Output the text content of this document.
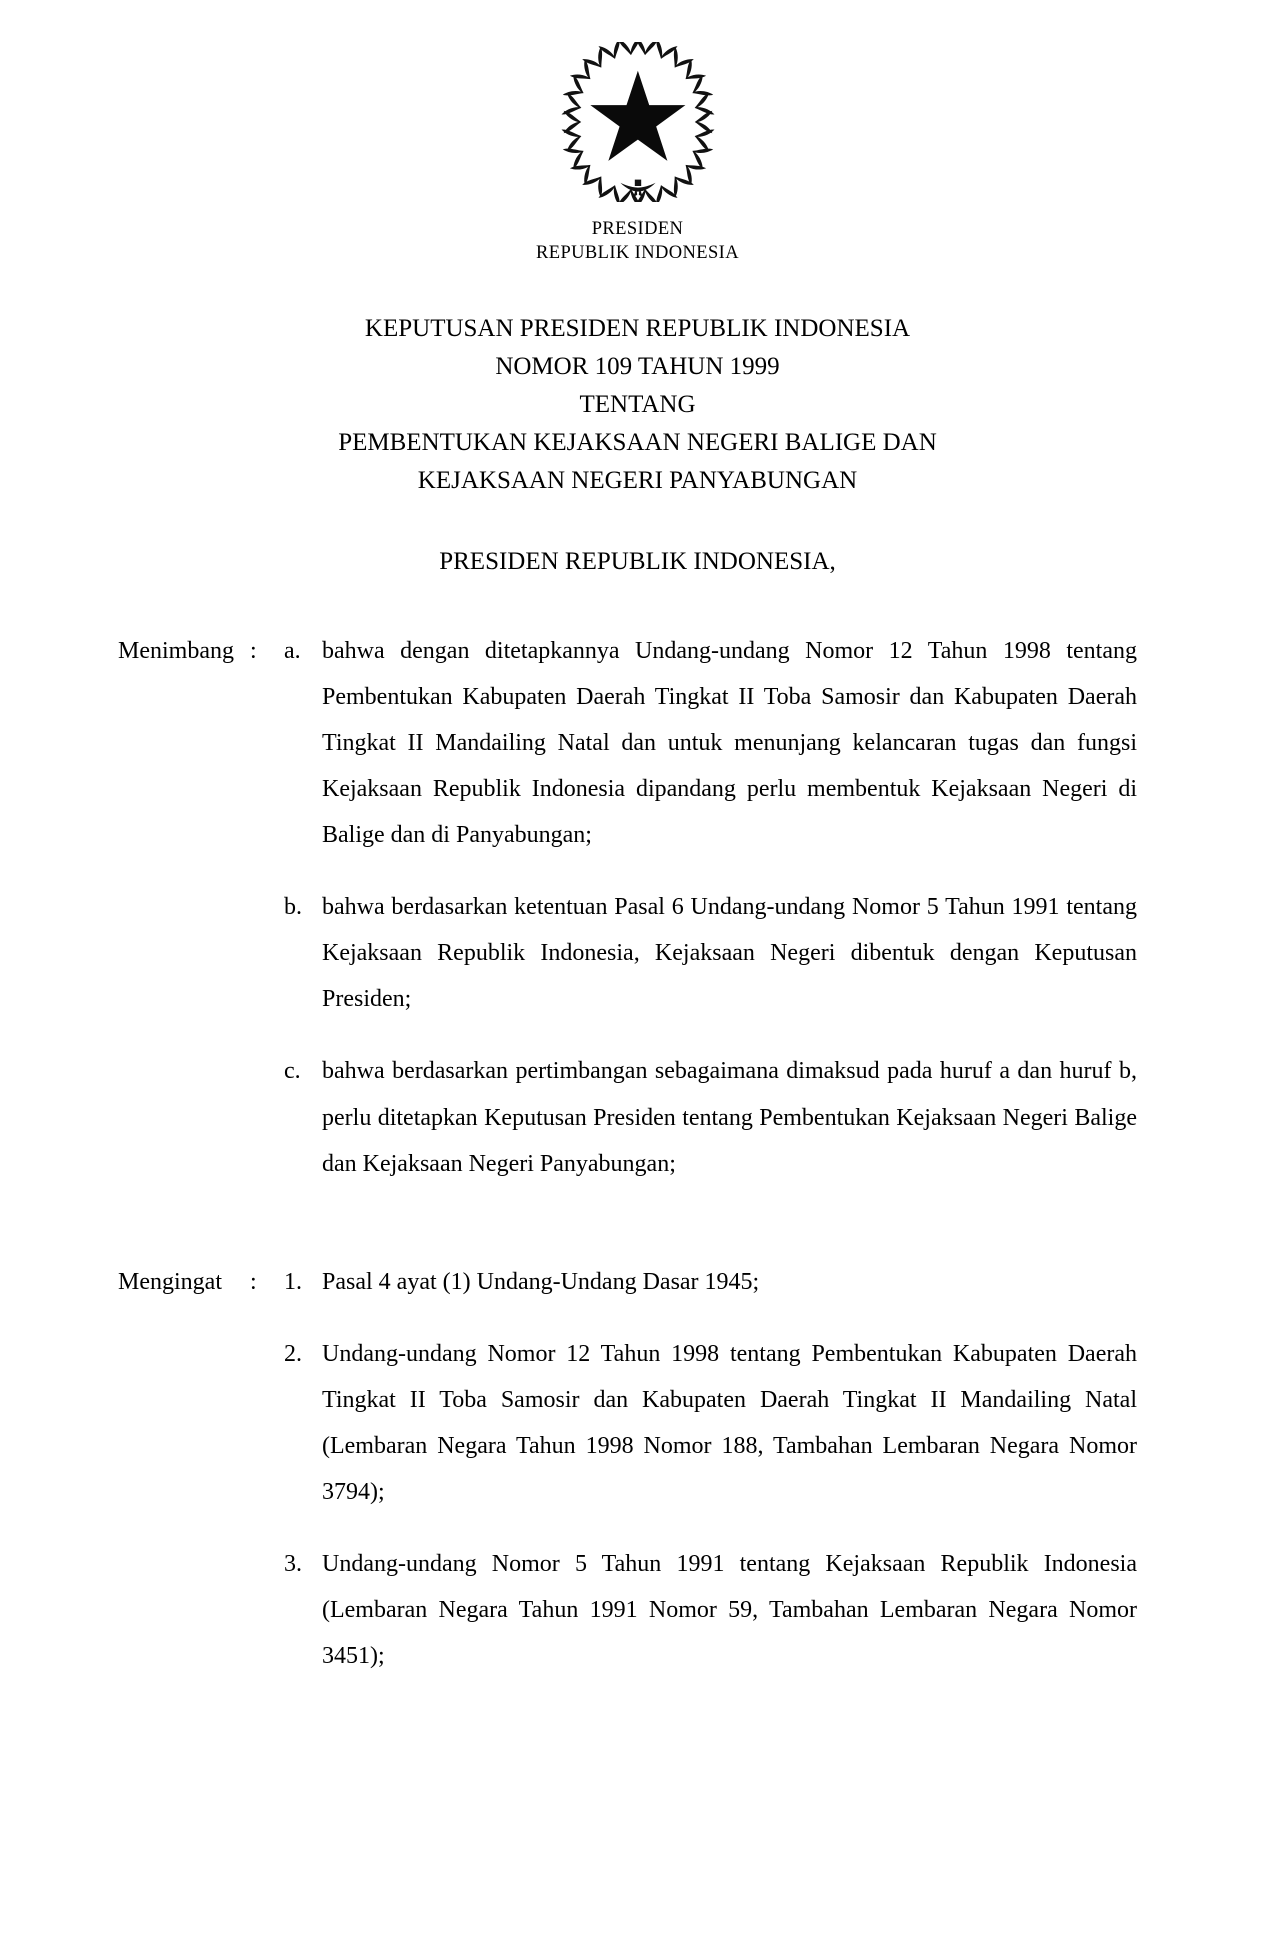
PRESIDEN
REPUBLIK INDONESIA
KEPUTUSAN PRESIDEN REPUBLIK INDONESIA
NOMOR 109 TAHUN 1999
TENTANG
PEMBENTUKAN KEJAKSAAN NEGERI BALIGE DAN
KEJAKSAAN NEGERI PANYABUNGAN
PRESIDEN REPUBLIK INDONESIA,
Menimbang :	a. bahwa dengan ditetapkannya Undang-undang Nomor 12 Tahun 1998 tentang Pembentukan Kabupaten Daerah Tingkat II Toba Samosir dan Kabupaten Daerah Tingkat II Mandailing Natal dan untuk menunjang kelancaran tugas dan fungsi Kejaksaan Republik Indonesia dipandang perlu membentuk Kejaksaan Negeri di Balige dan di Panyabungan;
b. bahwa berdasarkan ketentuan Pasal 6 Undang-undang Nomor 5 Tahun 1991 tentang Kejaksaan Republik Indonesia, Kejaksaan Negeri dibentuk dengan Keputusan Presiden;
c. bahwa berdasarkan pertimbangan sebagaimana dimaksud pada huruf a dan huruf b, perlu ditetapkan Keputusan Presiden tentang Pembentukan Kejaksaan Negeri Balige dan Kejaksaan Negeri Panyabungan;
Mengingat	:	1. Pasal 4 ayat (1) Undang-Undang Dasar 1945;
2. Undang-undang Nomor 12 Tahun 1998 tentang Pembentukan Kabupaten Daerah Tingkat II Toba Samosir dan Kabupaten Daerah Tingkat II Mandailing Natal (Lembaran Negara Tahun 1998 Nomor 188, Tambahan Lembaran Negara Nomor 3794);
3. Undang-undang Nomor 5 Tahun 1991 tentang Kejaksaan Republik Indonesia (Lembaran Negara Tahun 1991 Nomor 59, Tambahan Lembaran Negara Nomor 3451);
